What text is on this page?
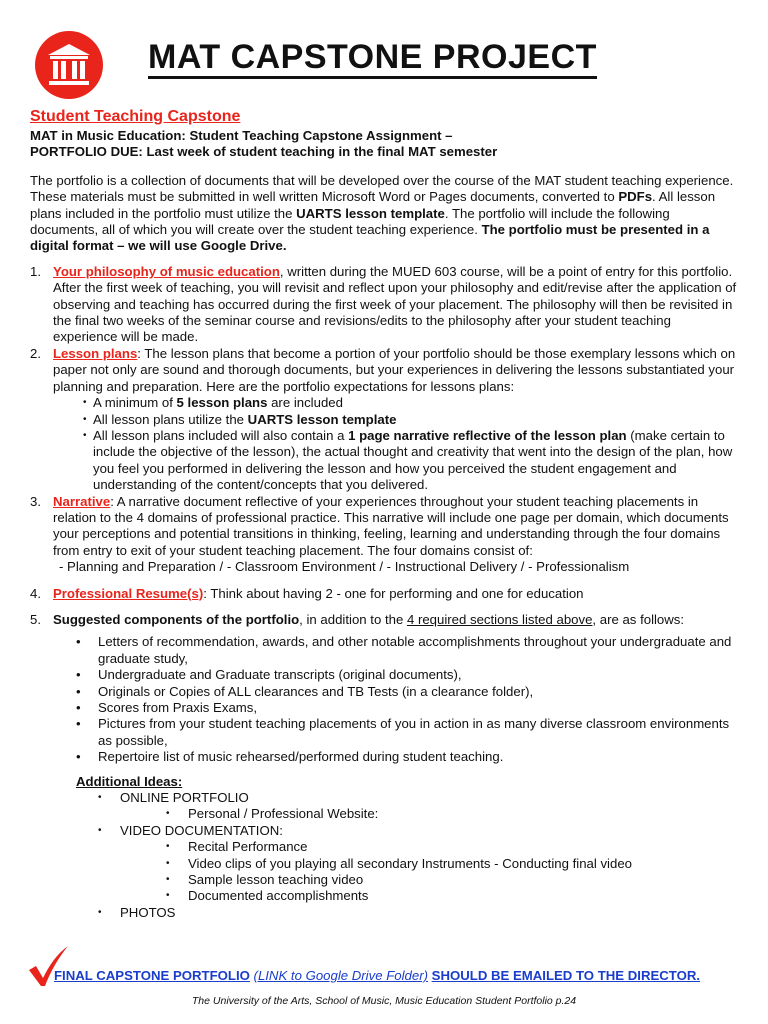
MAT CAPSTONE PROJECT
Student Teaching Capstone

MAT in Music Education: Student Teaching Capstone Assignment –

PORTFOLIO DUE: Last week of student teaching in the final MAT semester

The portfolio is a collection of documents that will be developed over the course of the MAT student teaching experience. These materials must be submitted in well written Microsoft Word or Pages documents, converted to PDFs. All lesson plans included in the portfolio must utilize the UARTS lesson template. The portfolio will include the following documents, all of which you will create over the student teaching experience. The portfolio must be presented in a digital format – we will use Google Drive.

1. Your philosophy of music education, written during the MUED 603 course, will be a point of entry for this portfolio. After the first week of teaching, you will revisit and reflect upon your philosophy and edit/revise after the application of observing and teaching has occurred during the first week of your placement. The philosophy will then be revisited in the final two weeks of the seminar course and revisions/edits to the philosophy after your student teaching experience will be made.
2. Lesson plans: The lesson plans that become a portion of your portfolio should be those exemplary lessons which on paper not only are sound and thorough documents, but your experiences in delivering the lessons substantiated your planning and preparation. Here are the portfolio expectations for lessons plans:
• A minimum of 5 lesson plans are included
• All lesson plans utilize the UARTS lesson template
• All lesson plans included will also contain a 1 page narrative reflective of the lesson plan (make certain to include the objective of the lesson), the actual thought and creativity that went into the design of the plan, how you feel you performed in delivering the lesson and how you perceived the student engagement and understanding of the content/concepts that you delivered.
3. Narrative: A narrative document reflective of your experiences throughout your student teaching placements in relation to the 4 domains of professional practice. This narrative will include one page per domain, which documents your perceptions and potential transitions in thinking, feeling, learning and understanding through the four domains from entry to exit of your student teaching placement. The four domains consist of:
- Planning and Preparation / - Classroom Environment / - Instructional Delivery / - Professionalism
4. Professional Resume(s): Think about having 2 - one for performing and one for education
5. Suggested components of the portfolio, in addition to the 4 required sections listed above, are as follows:
• Letters of recommendation, awards, and other notable accomplishments throughout your undergraduate and graduate study,
• Undergraduate and Graduate transcripts (original documents),
• Originals or Copies of ALL clearances and TB Tests (in a clearance folder),
• Scores from Praxis Exams,
• Pictures from your student teaching placements of you in action in as many diverse classroom environments as possible,
• Repertoire list of music rehearsed/performed during student teaching.
Additional Ideas:
• ONLINE PORTFOLIO
• Personal / Professional Website:
• VIDEO DOCUMENTATION:
• Recital Performance
• Video clips of you playing all secondary Instruments - Conducting final video
• Sample lesson teaching video
• Documented accomplishments
• PHOTOS
FINAL CAPSTONE PORTFOLIO (LINK to Google Drive Folder) SHOULD BE EMAILED TO THE DIRECTOR.
The University of the Arts, School of Music, Music Education Student Portfolio p.24
